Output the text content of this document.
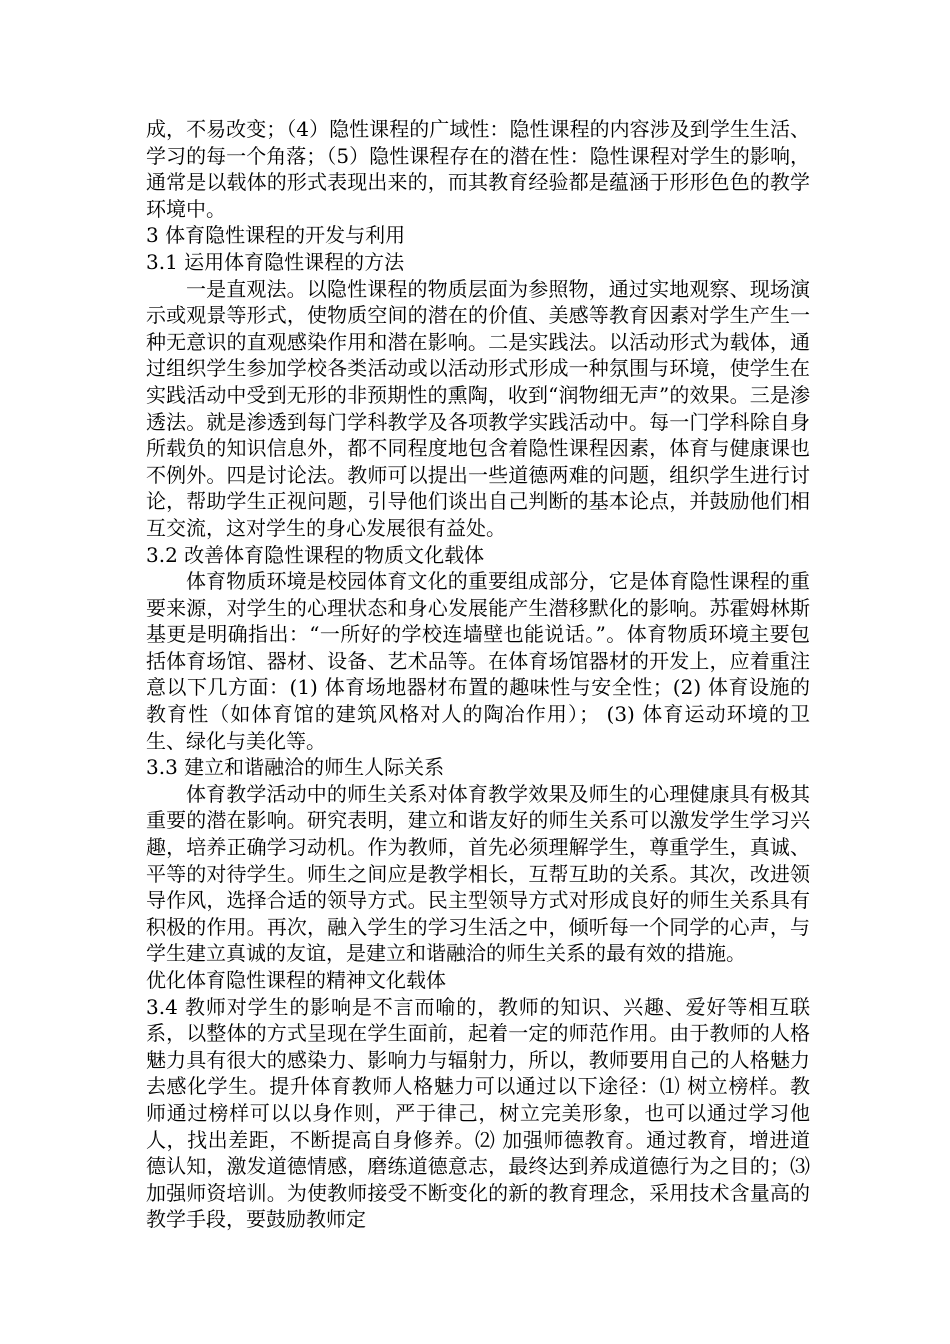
成，不易改变；（4）隐性课程的广域性：隐性课程的内容涉及到学生生活、学习的每一个角落；（5）隐性课程存在的潜在性：隐性课程对学生的影响，通常是以载体的形式表现出来的，而其教育经验都是蕴涵于形形色色的教学环境中。

3 体育隐性课程的开发与利用
3.1 运用体育隐性课程的方法

一是直观法。以隐性课程的物质层面为参照物，通过实地观察、现场演示或观景等形式，使物质空间的潜在的价值、美感等教育因素对学生产生一种无意识的直观感染作用和潜在影响。二是实践法。以活动形式为载体，通过组织学生参加学校各类活动或以活动形式形成一种氛围与环境，使学生在实践活动中受到无形的非预期性的熏陶，收到“润物细无声”的效果。三是渗透法。就是渗透到每门学科教学及各项教学实践活动中。每一门学科除自身所载负的知识信息外，都不同程度地包含着隐性课程因素，体育与健康课也不例外。四是讨论法。教师可以提出一些道德两难的问题，组织学生进行讨论，帮助学生正视问题，引导他们谈出自己判断的基本论点，并鼓励他们相互交流，这对学生的身心发展很有益处。

3.2 改善体育隐性课程的物质文化载体

体育物质环境是校园体育文化的重要组成部分，它是体育隐性课程的重要来源，对学生的心理状态和身心发展能产生潜移默化的影响。苏霍姆林斯基更是明确指出：“一所好的学校连墙壁也能说话。”。体育物质环境主要包括体育场馆、器材、设备、艺术品等。在体育场馆器材的开发上，应着重注意以下几方面：(1) 体育场地器材布置的趣味性与安全性；(2) 体育设施的教育性（如体育馆的建筑风格对人的陶冶作用）； (3) 体育运动环境的卫生、绿化与美化等。

3.3 建立和谐融洽的师生人际关系

体育教学活动中的师生关系对体育教学效果及师生的心理健康具有极其重要的潜在影响。研究表明，建立和谐友好的师生关系可以激发学生学习兴趣，培养正确学习动机。作为教师，首先必须理解学生，尊重学生，真诚、平等的对待学生。师生之间应是教学相长，互帮互助的关系。其次，改进领导作风，选择合适的领导方式。民主型领导方式对形成良好的师生关系具有积极的作用。再次，融入学生的学习生活之中，倾听每一个同学的心声，与学生建立真诚的友谊，是建立和谐融洽的师生关系的最有效的措施。

优化体育隐性课程的精神文化载体

3.4 教师对学生的影响是不言而喻的，教师的知识、兴趣、爱好等相互联系，以整体的方式呈现在学生面前，起着一定的师范作用。由于教师的人格魅力具有很大的感染力、影响力与辐射力，所以，教师要用自己的人格魅力去感化学生。提升体育教师人格魅力可以通过以下途径：⑴ 树立榜样。教师通过榜样可以以身作则，严于律己，树立完美形象，也可以通过学习他人，找出差距，不断提高自身修养。⑵ 加强师德教育。通过教育，增进道德认知，激发道德情感，磨练道德意志，最终达到养成道德行为之目的；⑶加强师资培训。为使教师接受不断变化的新的教育理念，采用技术含量高的教学手段，要鼓励教师定
